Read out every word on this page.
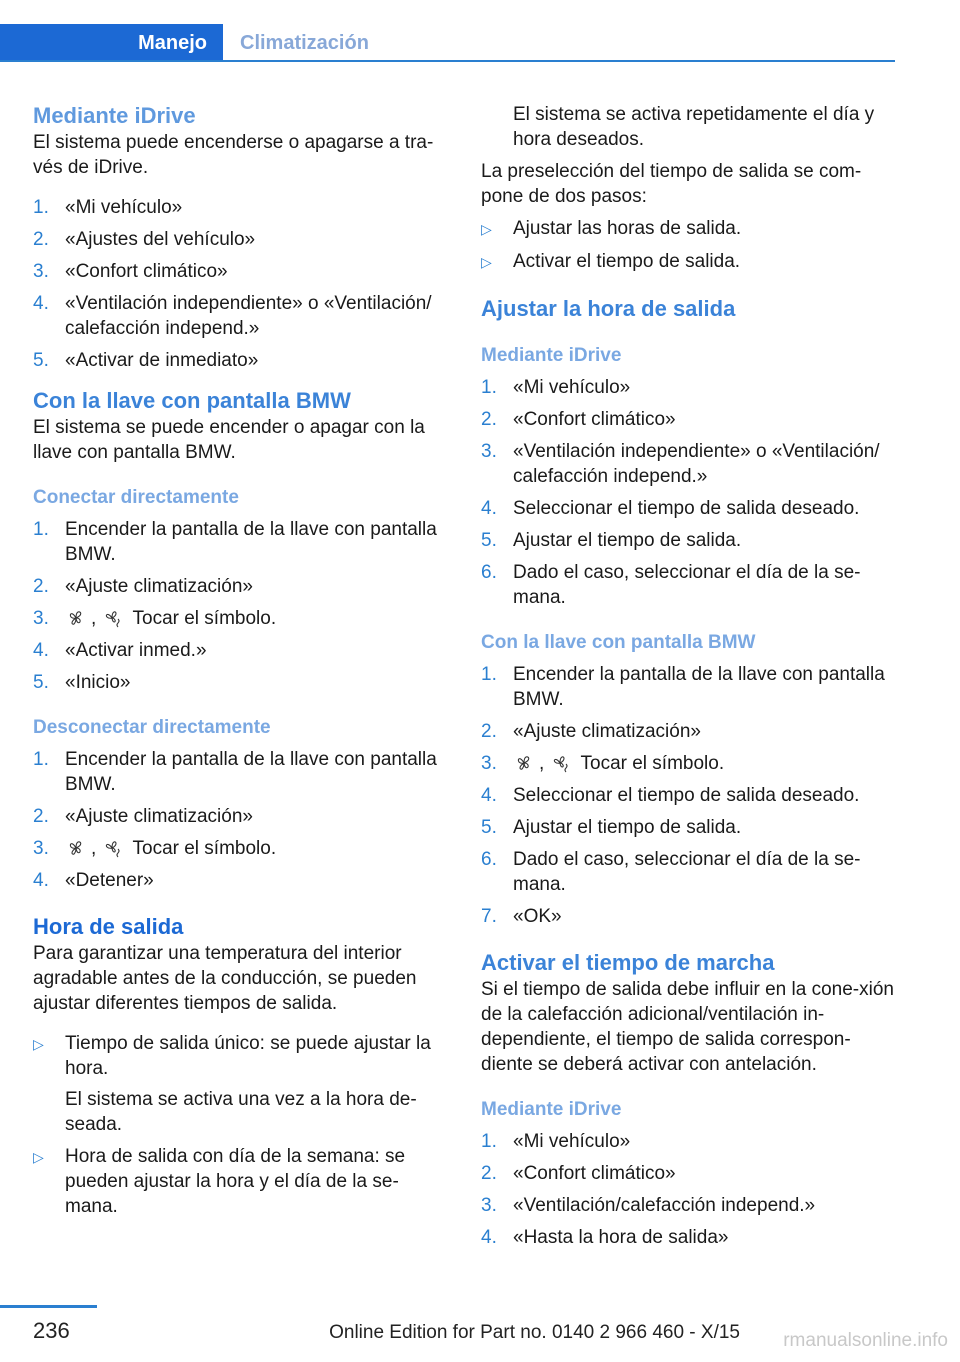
Manejo	Climatización
Mediante iDrive

El sistema puede encenderse o apagarse a tra-vés de iDrive.

1. «Mi vehículo»
2. «Ajustes del vehículo»
3. «Confort climático»
4. «Ventilación independiente» o «Ventilación/ calefacción independ.»
5. «Activar de inmediato»
Con la llave con pantalla BMW

El sistema se puede encender o apagar con la llave con pantalla BMW.

Conectar directamente
1. Encender la pantalla de la llave con pantalla BMW.
2. «Ajuste climatización»
3.	, Tocar el símbolo.
4. «Activar inmed.»
5. «Inicio»
Desconectar directamente
1. Encender la pantalla de la llave con pantalla BMW.
2. «Ajuste climatización»
3.	, Tocar el símbolo.
4. «Detener»
Hora de salida

Para garantizar una temperatura del interior agradable antes de la conducción, se pueden ajustar diferentes tiempos de salida.

▷	Tiempo de salida único: se puede ajustar la hora.

El sistema se activa una vez a la hora de-seada.

▷	Hora de salida con día de la semana: se pueden ajustar la hora y el día de la se-mana.

El sistema se activa repetidamente el día y hora deseados.

La preselección del tiempo de salida se com-pone de dos pasos:

▷	Ajustar las horas de salida.
▷	Activar el tiempo de salida.
Ajustar la hora de salida
Mediante iDrive
1. «Mi vehículo»
2. «Confort climático»
3. «Ventilación independiente» o «Ventilación/ calefacción independ.»
4. Seleccionar el tiempo de salida deseado.
5. Ajustar el tiempo de salida.
6. Dado el caso, seleccionar el día de la se-mana.
Con la llave con pantalla BMW
1. Encender la pantalla de la llave con pantalla BMW.
2. «Ajuste climatización»
3.	, Tocar el símbolo.
4. Seleccionar el tiempo de salida deseado.
5. Ajustar el tiempo de salida.
6. Dado el caso, seleccionar el día de la se-mana.
7. «OK»
Activar el tiempo de marcha

Si el tiempo de salida debe influir en la cone-xión de la calefacción adicional/ventilación in-dependiente, el tiempo de salida correspon-diente se deberá activar con antelación.

Mediante iDrive
1. «Mi vehículo»
2. «Confort climático»
3. «Ventilación/calefacción independ.»
4. «Hasta la hora de salida»
236	Online Edition for Part no. 0140 2 966 460 - X/15 rmanualsonline.info
